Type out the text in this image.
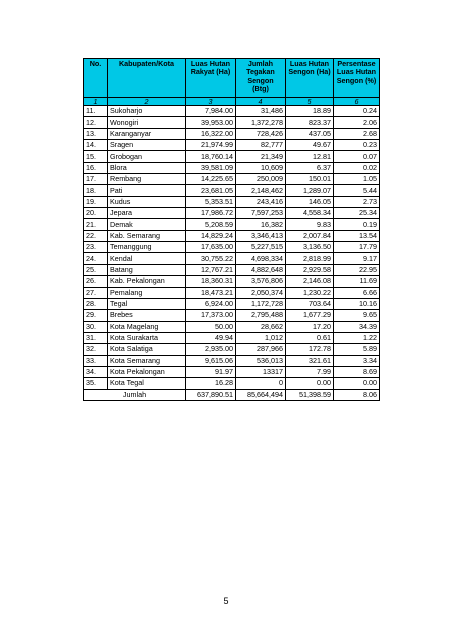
No.	Kabupaten/Kota	Luas Hutan Rakyat (Ha)	Jumlah Tegakan Sengon (Btg)	Luas Hutan Sengon (Ha)	Persentase Luas Hutan Sengon (%)
1	2	3	4	5	6
11.	Sukoharjo	7,984.00	31,486	18.89	0.24
12.	Wonogiri	39,953.00	1,372,278	823.37	2.06
13.	Karanganyar	16,322.00	728,426	437.05	2.68
14.	Sragen	21,974.99	82,777	49.67	0.23
15.	Grobogan	18,760.14	21,349	12.81	0.07
16.	Blora	39,581.09	10,609	6.37	0.02
17.	Rembang	14,225.65	250,009	150.01	1.05
18.	Pati	23,681.05	2,148,462	1,289.07	5.44
19.	Kudus	5,353.51	243,416	146.05	2.73
20.	Jepara	17,986.72	7,597,253	4,558.34	25.34
21.	Demak	5,208.59	16,382	9.83	0.19
22.	Kab. Semarang	14,829.24	3,346,413	2,007.84	13.54
23.	Temanggung	17,635.00	5,227,515	3,136.50	17.79
24.	Kendal	30,755.22	4,698,334	2,818.99	9.17
25.	Batang	12,767.21	4,882,648	2,929.58	22.95
26.	Kab. Pekalongan	18,360.31	3,576,806	2,146.08	11.69
27.	Pemalang	18,473.21	2,050,374	1,230.22	6.66
28.	Tegal	6,924.00	1,172,728	703.64	10.16
29.	Brebes	17,373.00	2,795,488	1,677.29	9.65
30.	Kota Magelang	50.00	28,662	17.20	34.39
31.	Kota Surakarta	49.94	1,012	0.61	1.22
32.	Kota Salatiga	2,935.00	287,966	172.78	5.89
33.	Kota Semarang	9,615.06	536,013	321.61	3.34
34.	Kota Pekalongan	91.97	13317	7.99	8.69
35.	Kota Tegal	16.28	0	0.00	0.00
Jumlah		637,890.51	85,664,494	51,398.59	8.06
5
